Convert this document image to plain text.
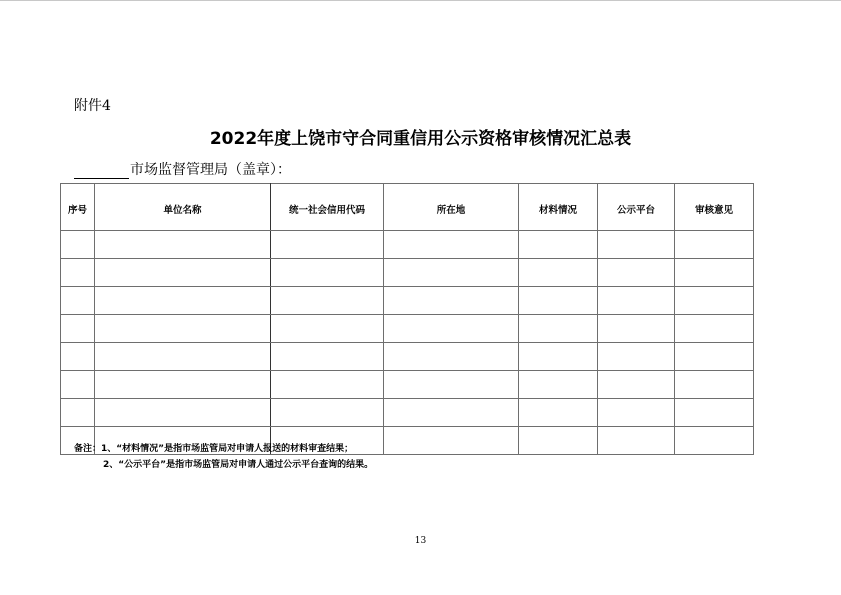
附件4
2022年度上饶市守合同重信用公示资格审核情况汇总表
市场监督管理局（盖章）：
序号	单位名称	统一社会信用代码	所在地	材料情况	公示平台	审核意见

备注：1、“材料情况”是指市场监管局对申请人报送的材料审查结果；
2、“公示平台”是指市场监管局对申请人通过公示平台查询的结果。
13
